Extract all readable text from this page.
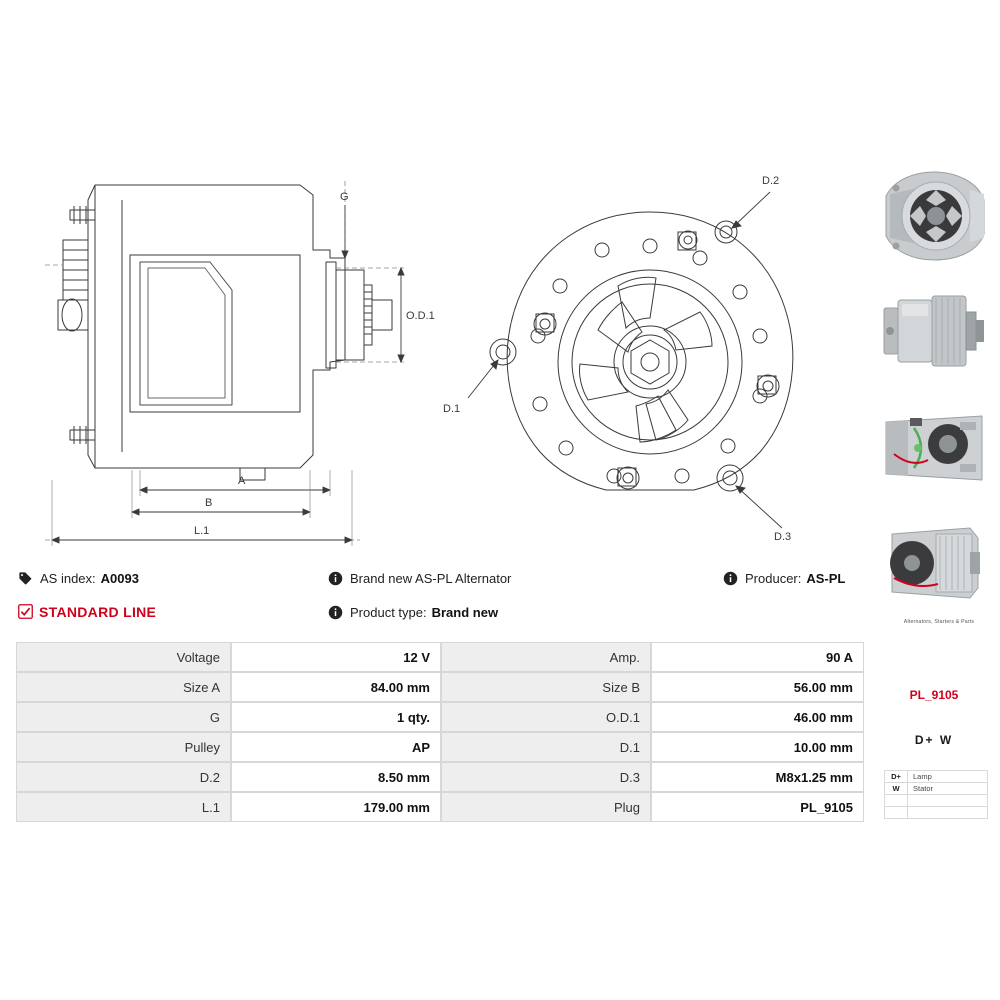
G
O.D.1
A
B
L.1
D.2
D.1
D.3
AS index: A0093	Brand new AS-PL Alternator	Producer: AS-PL
STANDARD LINE	Product type: Brand new
Alternators, Starters & Parts
Voltage	12 V	Amp.	90 A
Size A	84.00 mm	Size B	56.00 mm
G	1 qty.	O.D.1	46.00 mm
Pulley	AP	D.1	10.00 mm
D.2	8.50 mm	D.3	M8x1.25 mm
L.1	179.00 mm	Plug	PL_9105
PL_9105
D+ W
D+	Lamp
W	Stator
